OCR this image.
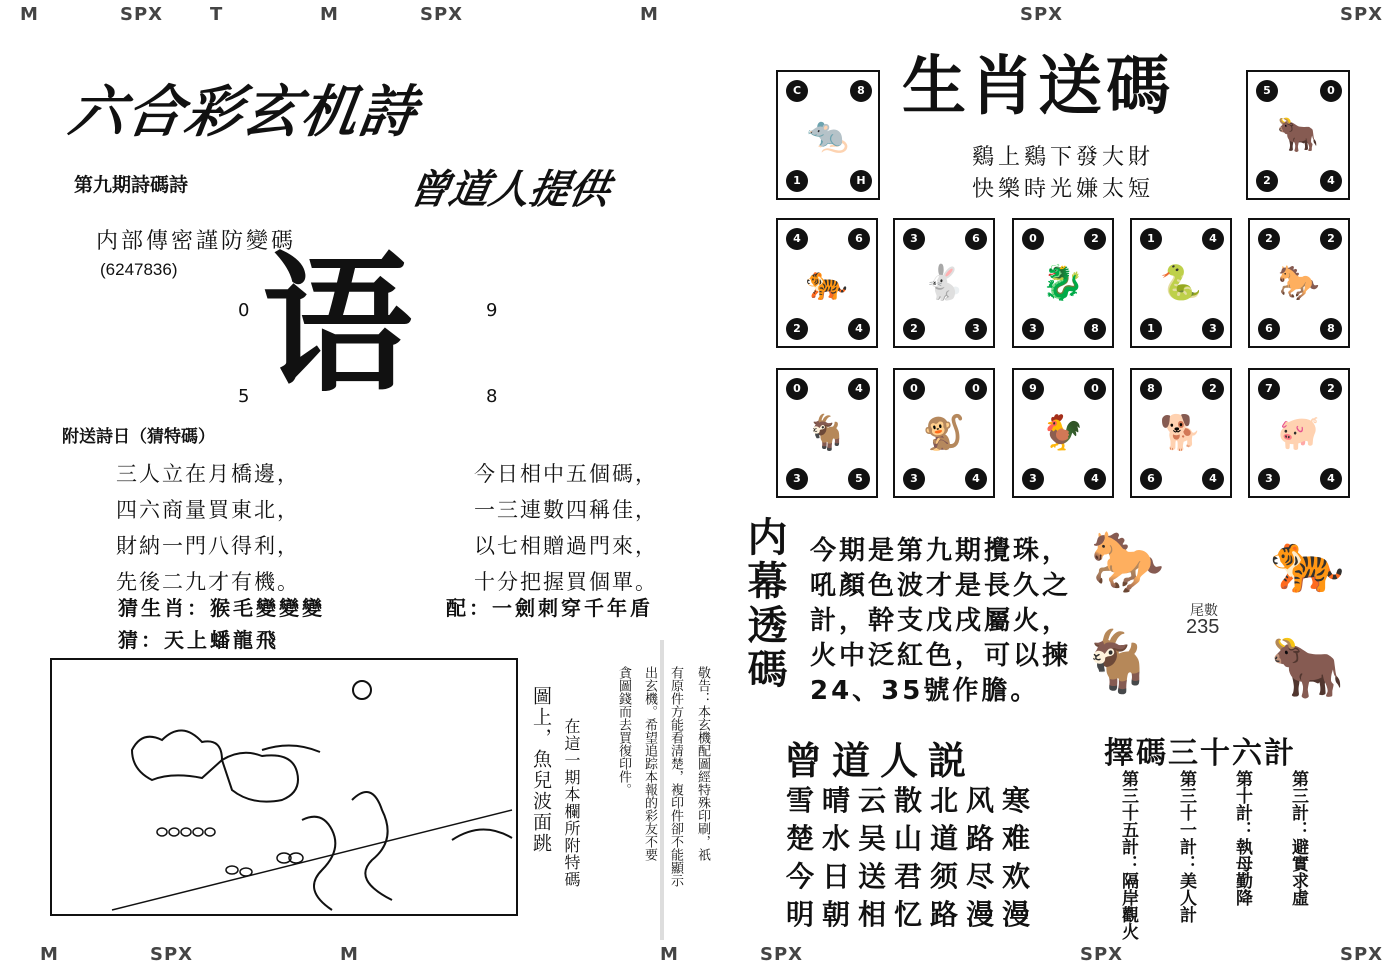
M	SPX	T	M	SPX	M	SPX	SPX
M	SPX	M	M	SPX	SPX	SPX
六合彩玄机詩
第九期詩碼詩	曾道人提供
内部傳密謹防變碼
(6247836) 语
0	9
5	8
附送詩日（猜特碼）
三人立在月橋邊，
四六商量買東北，
財納一門八得利，
先後二九才有機。
今日相中五個碼，
一三連數四稱佳，
以七相贈過門來，
十分把握買個單。
猜生肖：猴毛變變變	配：一劍刺穿千年盾
猜：天上蟠龍飛
圖上，魚兒波面跳 在這一期本欄所附特碼	敬告：本玄機配圖經特殊印刷，祇
有原件方能看清楚，複印件卻不能顯示
出玄機。希望追踪本報的彩友不要
貪圖錢而去買復印件。
生肖送碼
鷄上鷄下發大財
快樂時光嫌太短
C	8
1	H
🐀
5	0
2	4
🐂
4	6
2	4
🐅
3	6
2	3
🐇
0	2
3	8
🐉
1	4
1	3
🐍
2	2
6	8
🐎
0	4
3	5
🐐
0	0
3	4
🐒
9	0
3	4
🐓
8	2
6	4
🐕
7	2
3	4
🐖
内幕透碼 今期是第九期攪珠，
吼顏色波才是長久之
計，幹支戊戌屬火，
火中泛紅色，可以揀
24、35號作膽。
🐎 🐅
🐐 🐂
尾數
235
曾道人説
雪晴云散北风寒
楚水吴山道路难
今日送君须尽欢
明朝相忆路漫漫
擇碼三十六計
第三計：避實求虛
第十計：執母勤降
第三十一計：美人計
第三十五計：隔岸觀火
